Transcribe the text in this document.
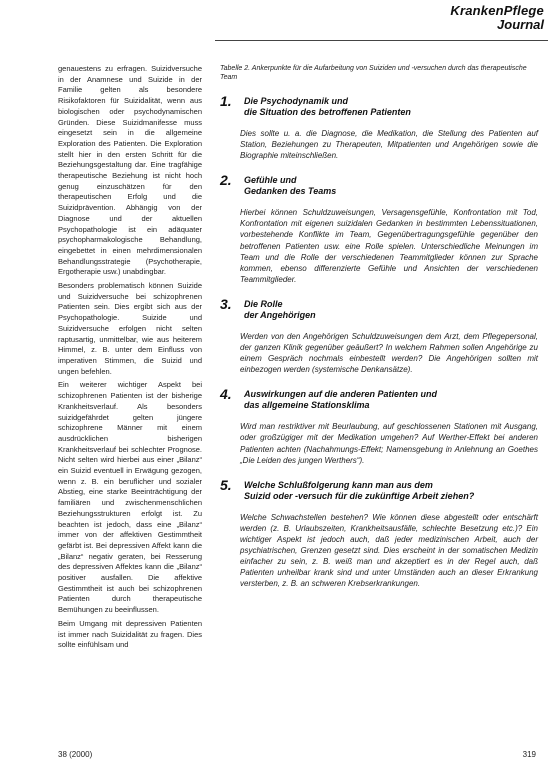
KrankenPflege
Journal

genauestens zu erfragen. Suizidversuche in der Anamnese und Suizide in der Familie gelten als besondere Risikofaktoren für Suizidalität, wenn aus biologischen oder psychodynamischen Gründen. Diese Suizidmanifesse muss eingesetzt sein in die allgemeine Exploration des Patienten. Die Exploration stellt hier in den ersten Schritt für die Beziehungsgestaltung dar. Eine tragfähige therapeutische Beziehung ist nicht hoch genug einzuschätzen für den therapeutischen Erfolg und die Suizidprävention. Abhängig von der Diagnose und der aktuellen Psychopathologie ist ein adäquater psychopharmakologische Behandlung, eingebettet in einen mehrdimensionalen Behandlungsstrategie (Psychotherapie, Ergotherapie usw.) unabdingbar.

Besonders problematisch können Suizide und Suizidversuche bei schizophrenen Patienten sein. Dies ergibt sich aus der Psychopathologie. Suizide und Suizidversuche erfolgen nicht selten raptusartig, unmittelbar, wie aus heiterem Himmel, z. B. unter dem Einfluss von imperativen Stimmen, die Suizid und ungen befehlen.

Ein weiterer wichtiger Aspekt bei schizophrenen Patienten ist der bisherige Krankheitsverlauf. Als besonders suizidgefährdet gelten jüngere schizophrene Männer mit einem ausdrücklichen bisherigen Krankheitsverlauf bei schlechter Prognose. Nicht selten wird hierbei aus einer „Bilanz“ ein Suizid eventuell in Erwägung gezogen, wenn z. B. ein beruflicher und sozialer Abstieg, eine starke Beeinträchtigung der familiären und zwischenmenschlichen Beziehungsstrukturen erfolgt ist. Zu beachten ist jedoch, dass eine „Bilanz“ immer von der affektiven Gestimmtheit gefärbt ist. Bei depressiven Affekt kann die „Bilanz“ negativ geraten, bei Resserung des depressiven Affektes kann die „Bilanz“ positiver ausfallen. Die affektive Gestimmtheit ist auch bei schizophrenen Patienten durch therapeutische Bemühungen zu beeinflussen.

Beim Umgang mit depressiven Patienten ist immer nach Suizidalität zu fragen. Dies sollte einfühlsam und

Tabelle 2. Ankerpunkte für die Aufarbeitung von Suiziden und -versuchen durch das therapeutische Team
1.	Die Psychodynamik und
die Situation des betroffenen Patienten
Dies sollte u. a. die Diagnose, die Medikation, die Stellung des Patienten auf Station, Beziehungen zu Therapeuten, Mitpatienten und Angehörigen sowie die Biographie miteinschließen.
2.	Gefühle und
Gedanken des Teams
Hierbei können Schuldzuweisungen, Versagensgefühle, Konfrontation mit Tod, Konfrontation mit eigenen suizidalen Gedanken in bestimmten Lebenssituationen, vorbestehende Konflikte im Team, Gegenübertragungsgefühle gegenüber den betroffenen Patienten usw. eine Rolle spielen. Unterschiedliche Meinungen im Team und die Rolle der verschiedenen Teammitglieder können zur Sprache kommen, ebenso differenzierte Gefühle und Ansichten der verschiedenen Teammitglieder.
3.	Die Rolle
der Angehörigen
Werden von den Angehörigen Schuldzuweisungen dem Arzt, dem Pflegepersonal, der ganzen Klinik gegenüber geäußert? In welchem Rahmen sollen Angehörige zu einem Gespräch nochmals einbestellt werden? Die Angehörigen sollten mit einbezogen werden (systemische Denkansätze).
4.	Auswirkungen auf die anderen Patienten und
das allgemeine Stationsklima
Wird man restriktiver mit Beurlaubung, auf geschlossenen Stationen mit Ausgang, oder großzügiger mit der Medikation umgehen? Auf Werther-Effekt bei anderen Patienten achten (Nachahmungs-Effekt; Namensgebung in Anlehnung an Goethes „Die Leiden des jungen Werthers“).
5.	Welche Schlußfolgerung kann man aus dem
Suizid oder -versuch für die zukünftige Arbeit ziehen?
Welche Schwachstellen bestehen? Wie können diese abgestellt oder entschärft werden (z. B. Urlaubszeiten, Krankheitsausfälle, schlechte Besetzung etc.)? Ein wichtiger Aspekt ist jedoch auch, daß jeder medizinischen Arbeit, auch der psychiatrischen, Grenzen gesetzt sind. Dies erscheint in der somatischen Medizin einfacher zu sein, z. B. weiß man und akzeptiert es in der Regel auch, daß Patienten unheilbar krank sind und unter Umständen auch an dieser Erkrankung versterben, z. B. an schweren Krebserkrankungen.
38 (2000)	319
